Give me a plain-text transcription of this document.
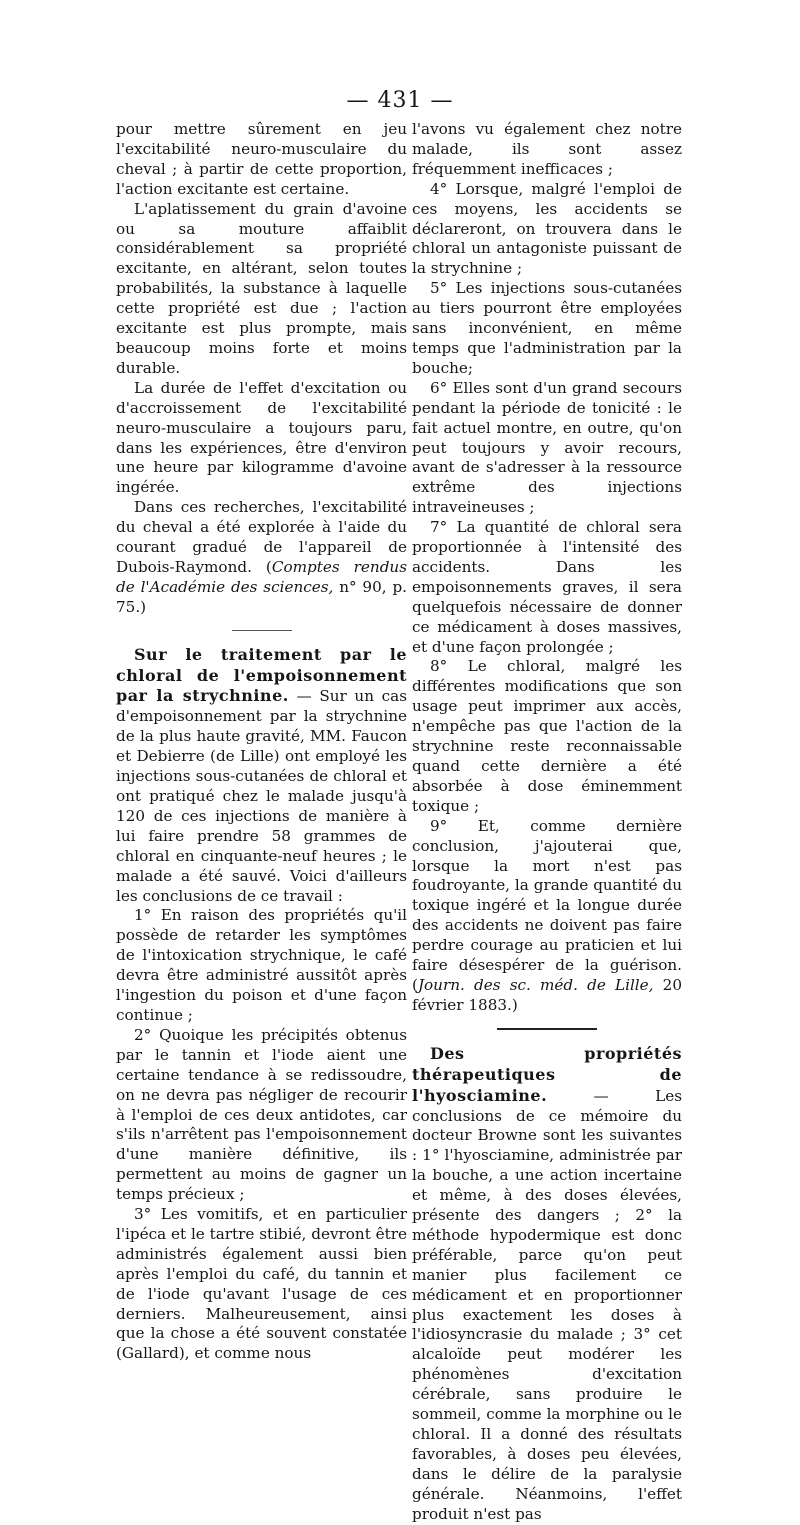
— 431 —

pour mettre sûrement en jeu l'excitabilité neuro-musculaire du cheval ; à partir de cette proportion, l'action excitante est certaine.

L'aplatissement du grain d'avoine ou sa mouture affaiblit considérablement sa propriété excitante, en altérant, selon toutes probabilités, la substance à laquelle cette propriété est due ; l'action excitante est plus prompte, mais beaucoup moins forte et moins durable.

La durée de l'effet d'excitation ou d'accroissement de l'excitabilité neuro-musculaire a toujours paru, dans les expériences, être d'environ une heure par kilogramme d'avoine ingérée.

Dans ces recherches, l'excitabilité du cheval a été explorée à l'aide du courant gradué de l'appareil de Dubois-Raymond. (Comptes rendus de l'Académie des sciences, n° 90, p. 75.)

Sur le traitement par le chloral de l'empoisonnement par la strychnine. — Sur un cas d'empoisonnement par la strychnine de la plus haute gravité, MM. Faucon et Debierre (de Lille) ont employé les injections sous-cutanées de chloral et ont pratiqué chez le malade jusqu'à 120 de ces injections de manière à lui faire prendre 58 grammes de chloral en cinquante-neuf heures ; le malade a été sauvé. Voici d'ailleurs les conclusions de ce travail :

1° En raison des propriétés qu'il possède de retarder les symptômes de l'intoxication strychnique, le café devra être administré aussitôt après l'ingestion du poison et d'une façon continue ;

2° Quoique les précipités obtenus par le tannin et l'iode aient une certaine tendance à se redissoudre, on ne devra pas négliger de recourir à l'emploi de ces deux antidotes, car s'ils n'arrêtent pas l'empoisonnement d'une manière définitive, ils permettent au moins de gagner un temps précieux ;

3° Les vomitifs, et en particulier l'ipéca et le tartre stibié, devront être administrés également aussi bien après l'emploi du café, du tannin et de l'iode qu'avant l'usage de ces derniers. Malheureusement, ainsi que la chose a été souvent constatée (Gallard), et comme nous

l'avons vu également chez notre malade, ils sont assez fréquemment inefficaces ;

4° Lorsque, malgré l'emploi de ces moyens, les accidents se déclareront, on trouvera dans le chloral un antagoniste puissant de la strychnine ;

5° Les injections sous-cutanées au tiers pourront être employées sans inconvénient, en même temps que l'administration par la bouche;

6° Elles sont d'un grand secours pendant la période de tonicité : le fait actuel montre, en outre, qu'on peut toujours y avoir recours, avant de s'adresser à la ressource extrême des injections intraveineuses ;

7° La quantité de chloral sera proportionnée à l'intensité des accidents. Dans les empoisonnements graves, il sera quelquefois nécessaire de donner ce médicament à doses massives, et d'une façon prolongée ;

8° Le chloral, malgré les différentes modifications que son usage peut imprimer aux accès, n'empêche pas que l'action de la strychnine reste reconnaissable quand cette dernière a été absorbée à dose éminemment toxique ;

9° Et, comme dernière conclusion, j'ajouterai que, lorsque la mort n'est pas foudroyante, la grande quantité du toxique ingéré et la longue durée des accidents ne doivent pas faire perdre courage au praticien et lui faire désespérer de la guérison. (Journ. des sc. méd. de Lille, 20 février 1883.)

Des propriétés thérapeutiques de l'hyosciamine. — Les conclusions de ce mémoire du docteur Browne sont les suivantes : 1° l'hyosciamine, administrée par la bouche, a une action incertaine et même, à des doses élevées, présente des dangers ; 2° la méthode hypodermique est donc préférable, parce qu'on peut manier plus facilement ce médicament et en proportionner plus exactement les doses à l'idiosyncrasie du malade ; 3° cet alcaloïde peut modérer les phénomènes d'excitation cérébrale, sans produire le sommeil, comme la morphine ou le chloral. Il a donné des résultats favorables, à doses peu élevées, dans le délire de la paralysie générale. Néanmoins, l'effet produit n'est pas
